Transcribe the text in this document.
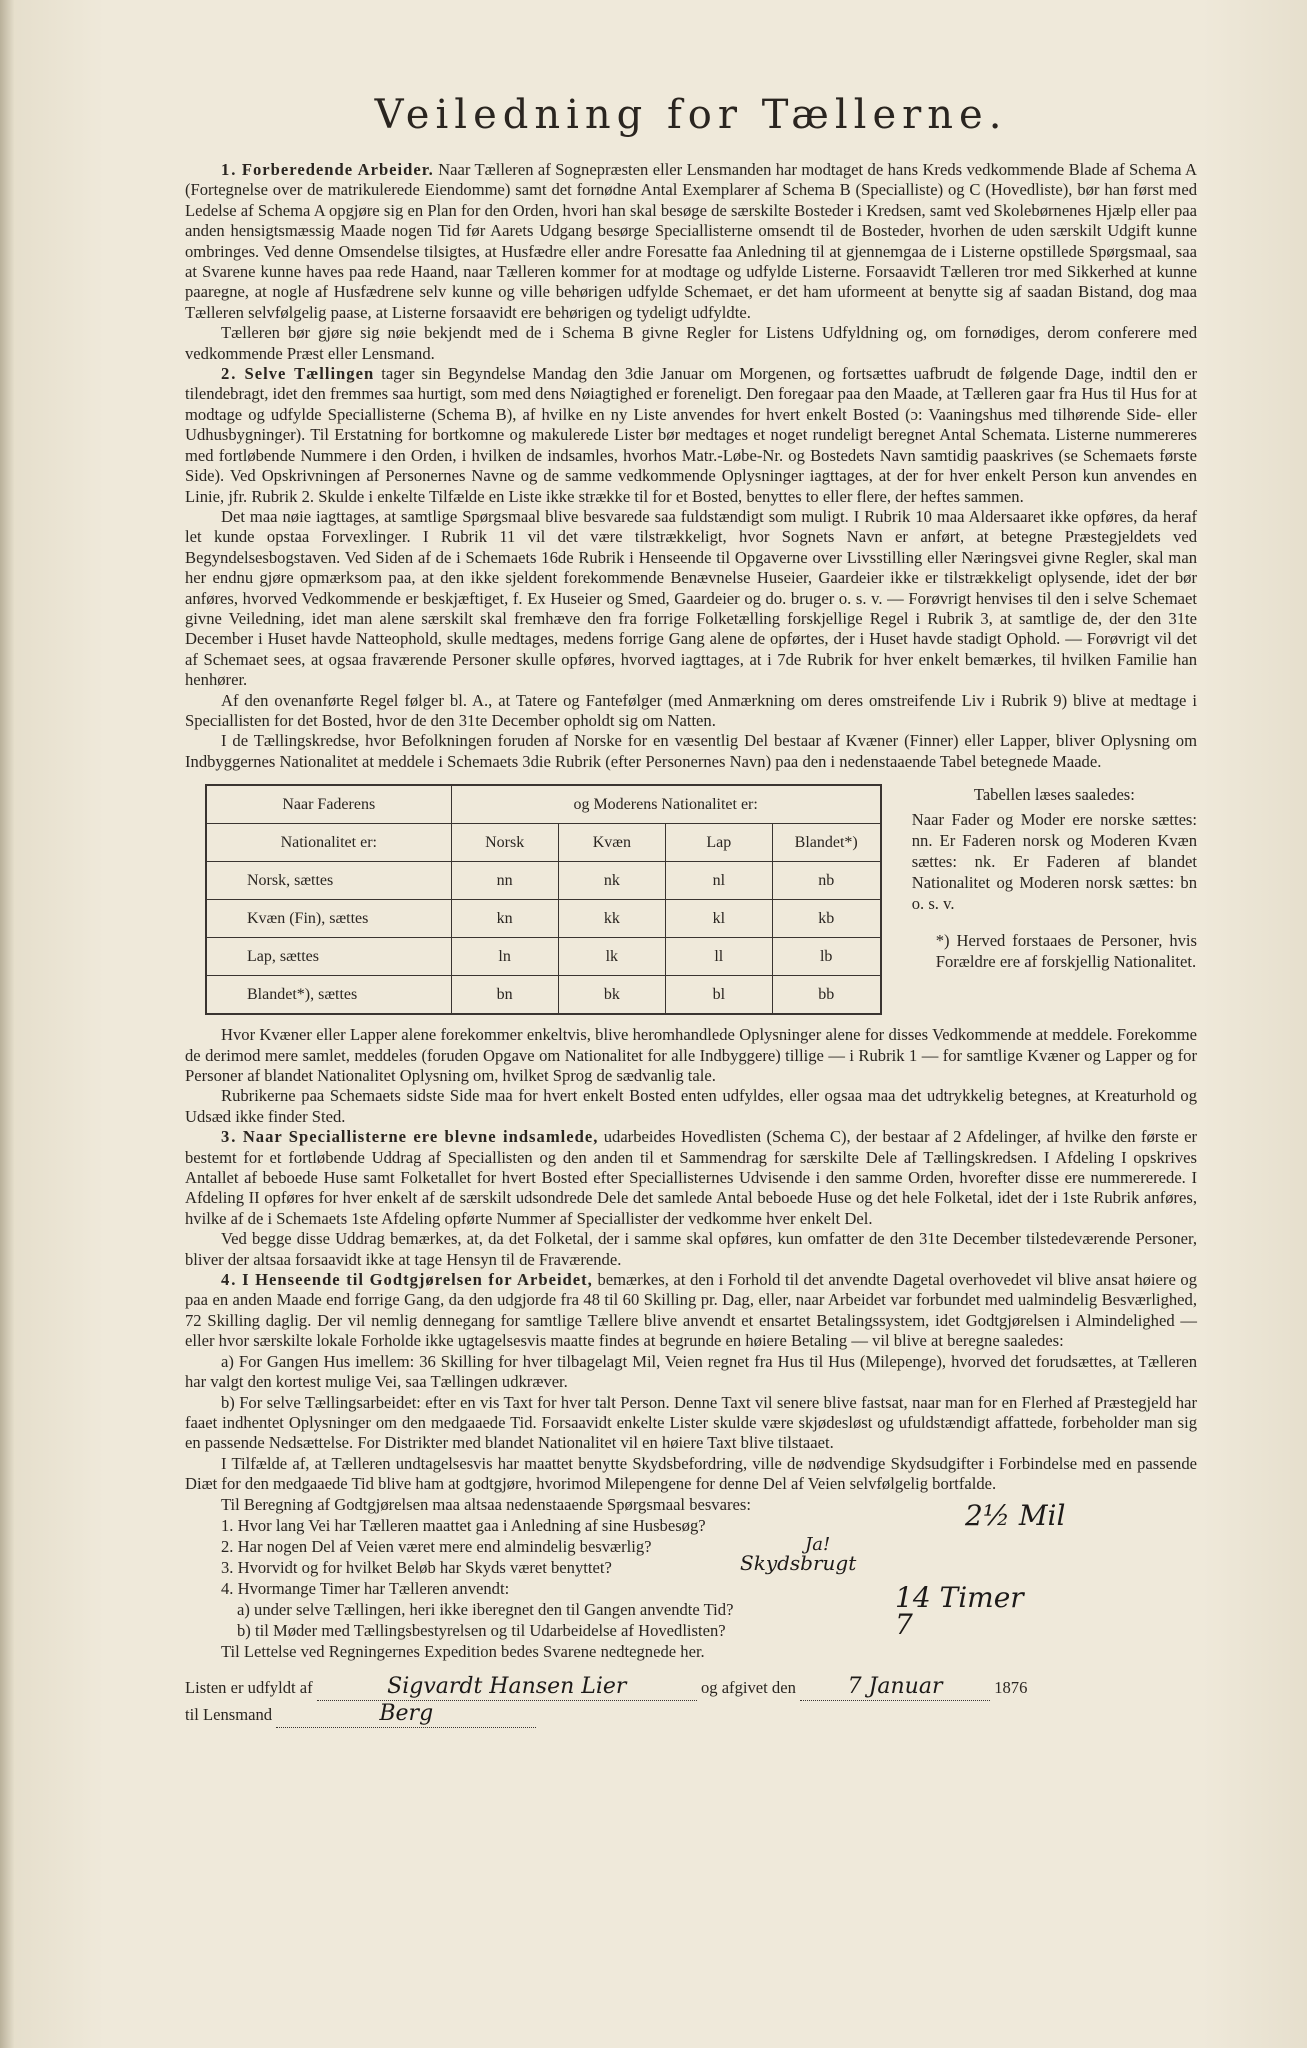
Veiledning for Tællerne.

1. Forberedende Arbeider. Naar Tælleren af Sognepræsten eller Lensmanden har modtaget de hans Kreds vedkommende Blade af Schema A (Fortegnelse over de matrikulerede Eiendomme) samt det fornødne Antal Exemplarer af Schema B (Specialliste) og C (Hovedliste), bør han først med Ledelse af Schema A opgjøre sig en Plan for den Orden, hvori han skal besøge de særskilte Bosteder i Kredsen, samt ved Skolebørnenes Hjælp eller paa anden hensigtsmæssig Maade nogen Tid før Aarets Udgang besørge Speciallisterne omsendt til de Bosteder, hvorhen de uden særskilt Udgift kunne ombringes. Ved denne Omsendelse tilsigtes, at Husfædre eller andre Foresatte faa Anledning til at gjennemgaa de i Listerne opstillede Spørgsmaal, saa at Svarene kunne haves paa rede Haand, naar Tælleren kommer for at modtage og udfylde Listerne. Forsaavidt Tælleren tror med Sikkerhed at kunne paaregne, at nogle af Husfædrene selv kunne og ville behørigen udfylde Schemaet, er det ham uformeent at benytte sig af saadan Bistand, dog maa Tælleren selvfølgelig paase, at Listerne forsaavidt ere behørigen og tydeligt udfyldte.

Tælleren bør gjøre sig nøie bekjendt med de i Schema B givne Regler for Listens Udfyldning og, om fornødiges, derom conferere med vedkommende Præst eller Lensmand.

2. Selve Tællingen tager sin Begyndelse Mandag den 3die Januar om Morgenen, og fortsættes uafbrudt de følgende Dage, indtil den er tilendebragt, idet den fremmes saa hurtigt, som med dens Nøiagtighed er foreneligt. Den foregaar paa den Maade, at Tælleren gaar fra Hus til Hus for at modtage og udfylde Speciallisterne (Schema B), af hvilke en ny Liste anvendes for hvert enkelt Bosted (ɔ: Vaaningshus med tilhørende Side- eller Udhusbygninger). Til Erstatning for bortkomne og makulerede Lister bør medtages et noget rundeligt beregnet Antal Schemata. Listerne nummereres med fortløbende Nummere i den Orden, i hvilken de indsamles, hvorhos Matr.-Løbe-Nr. og Bostedets Navn samtidig paaskrives (se Schemaets første Side). Ved Opskrivningen af Personernes Navne og de samme vedkommende Oplysninger iagttages, at der for hver enkelt Person kun anvendes en Linie, jfr. Rubrik 2. Skulde i enkelte Tilfælde en Liste ikke strække til for et Bosted, benyttes to eller flere, der heftes sammen.

Det maa nøie iagttages, at samtlige Spørgsmaal blive besvarede saa fuldstændigt som muligt. I Rubrik 10 maa Aldersaaret ikke opføres, da heraf let kunde opstaa Forvexlinger. I Rubrik 11 vil det være tilstrækkeligt, hvor Sognets Navn er anført, at betegne Præstegjeldets ved Begyndelsesbogstaven. Ved Siden af de i Schemaets 16de Rubrik i Henseende til Opgaverne over Livsstilling eller Næringsvei givne Regler, skal man her endnu gjøre opmærksom paa, at den ikke sjeldent forekommende Benævnelse Huseier, Gaardeier ikke er tilstrækkeligt oplysende, idet der bør anføres, hvorved Vedkommende er beskjæftiget, f. Ex Huseier og Smed, Gaardeier og do. bruger o. s. v. — Forøvrigt henvises til den i selve Schemaet givne Veiledning, idet man alene særskilt skal fremhæve den fra forrige Folketælling forskjellige Regel i Rubrik 3, at samtlige de, der den 31te December i Huset havde Natteophold, skulle medtages, medens forrige Gang alene de opførtes, der i Huset havde stadigt Ophold. — Forøvrigt vil det af Schemaet sees, at ogsaa fraværende Personer skulle opføres, hvorved iagttages, at i 7de Rubrik for hver enkelt bemærkes, til hvilken Familie han henhører.

Af den ovenanførte Regel følger bl. A., at Tatere og Fantefølger (med Anmærkning om deres omstreifende Liv i Rubrik 9) blive at medtage i Speciallisten for det Bosted, hvor de den 31te December opholdt sig om Natten.

I de Tællingskredse, hvor Befolkningen foruden af Norske for en væsentlig Del bestaar af Kvæner (Finner) eller Lapper, bliver Oplysning om Indbyggernes Nationalitet at meddele i Schemaets 3die Rubrik (efter Personernes Navn) paa den i nedenstaaende Tabel betegnede Maade.

Naar Faderens	og Moderens Nationalitet er:			
Nationalitet er:	Norsk	Kvæn	Lap	Blandet*)
Norsk, sættes	nn	nk	nl	nb
Kvæn (Fin), sættes	kn	kk	kl	kb
Lap, sættes	ln	lk	ll	lb
Blandet*), sættes	bn	bk	bl	bb
Tabellen læses saaledes:
Naar Fader og Moder ere norske sættes: nn. Er Faderen norsk og Moderen Kvæn sættes: nk. Er Faderen af blandet Nationalitet og Moderen norsk sættes: bn o. s. v.
*) Herved forstaaes de Personer, hvis Forældre ere af forskjellig Nationalitet.

Hvor Kvæner eller Lapper alene forekommer enkeltvis, blive heromhandlede Oplysninger alene for disses Vedkommende at meddele. Forekomme de derimod mere samlet, meddeles (foruden Opgave om Nationalitet for alle Indbyggere) tillige — i Rubrik 1 — for samtlige Kvæner og Lapper og for Personer af blandet Nationalitet Oplysning om, hvilket Sprog de sædvanlig tale.

Rubrikerne paa Schemaets sidste Side maa for hvert enkelt Bosted enten udfyldes, eller ogsaa maa det udtrykkelig betegnes, at Kreaturhold og Udsæd ikke finder Sted.

3. Naar Speciallisterne ere blevne indsamlede, udarbeides Hovedlisten (Schema C), der bestaar af 2 Afdelinger, af hvilke den første er bestemt for et fortløbende Uddrag af Speciallisten og den anden til et Sammendrag for særskilte Dele af Tællingskredsen. I Afdeling I opskrives Antallet af beboede Huse samt Folketallet for hvert Bosted efter Speciallisternes Udvisende i den samme Orden, hvorefter disse ere nummererede. I Afdeling II opføres for hver enkelt af de særskilt udsondrede Dele det samlede Antal beboede Huse og det hele Folketal, idet der i 1ste Rubrik anføres, hvilke af de i Schemaets 1ste Afdeling opførte Nummer af Speciallister der vedkomme hver enkelt Del.

Ved begge disse Uddrag bemærkes, at, da det Folketal, der i samme skal opføres, kun omfatter de den 31te December tilstedeværende Personer, bliver der altsaa forsaavidt ikke at tage Hensyn til de Fraværende.

4. I Henseende til Godtgjørelsen for Arbeidet, bemærkes, at den i Forhold til det anvendte Dagetal overhovedet vil blive ansat høiere og paa en anden Maade end forrige Gang, da den udgjorde fra 48 til 60 Skilling pr. Dag, eller, naar Arbeidet var forbundet med ualmindelig Besværlighed, 72 Skilling daglig. Der vil nemlig dennegang for samtlige Tællere blive anvendt et ensartet Betalingssystem, idet Godtgjørelsen i Almindelighed — eller hvor særskilte lokale Forholde ikke ugtagelsesvis maatte findes at begrunde en høiere Betaling — vil blive at beregne saaledes:

a) For Gangen Hus imellem: 36 Skilling for hver tilbagelagt Mil, Veien regnet fra Hus til Hus (Milepenge), hvorved det forudsættes, at Tælleren har valgt den kortest mulige Vei, saa Tællingen udkræver.

b) For selve Tællingsarbeidet: efter en vis Taxt for hver talt Person. Denne Taxt vil senere blive fastsat, naar man for en Flerhed af Præstegjeld har faaet indhentet Oplysninger om den medgaaede Tid. Forsaavidt enkelte Lister skulde være skjødesløst og ufuldstændigt affattede, forbeholder man sig en passende Nedsættelse. For Distrikter med blandet Nationalitet vil en høiere Taxt blive tilstaaet.

I Tilfælde af, at Tælleren undtagelsesvis har maattet benytte Skydsbefordring, ville de nødvendige Skydsudgifter i Forbindelse med en passende Diæt for den medgaaede Tid blive ham at godtgjøre, hvorimod Milepengene for denne Del af Veien selvfølgelig bortfalde.

Til Beregning af Godtgjørelsen maa altsaa nedenstaaende Spørgsmaal besvares:

1. Hvor lang Vei har Tælleren maattet gaa i Anledning af sine Husbesøg?	2½ Mil
2. Har nogen Del af Veien været mere end almindelig besværlig?	Ja!
3. Hvorvidt og for hvilket Beløb har Skyds været benyttet?	Skydsbrugt
4. Hvormange Timer har Tælleren anvendt:
a) under selve Tællingen, heri ikke iberegnet den til Gangen anvendte Tid?	14 Timer
b) til Møder med Tællingsbestyrelsen og til Udarbeidelse af Hovedlisten?	7
Til Lettelse ved Regningernes Expedition bedes Svarene nedtegnede her.
Listen er udfyldt af	Sigvardt Hansen Lier	og afgivet den 7 Januar	1876
til Lensmand	Berg
